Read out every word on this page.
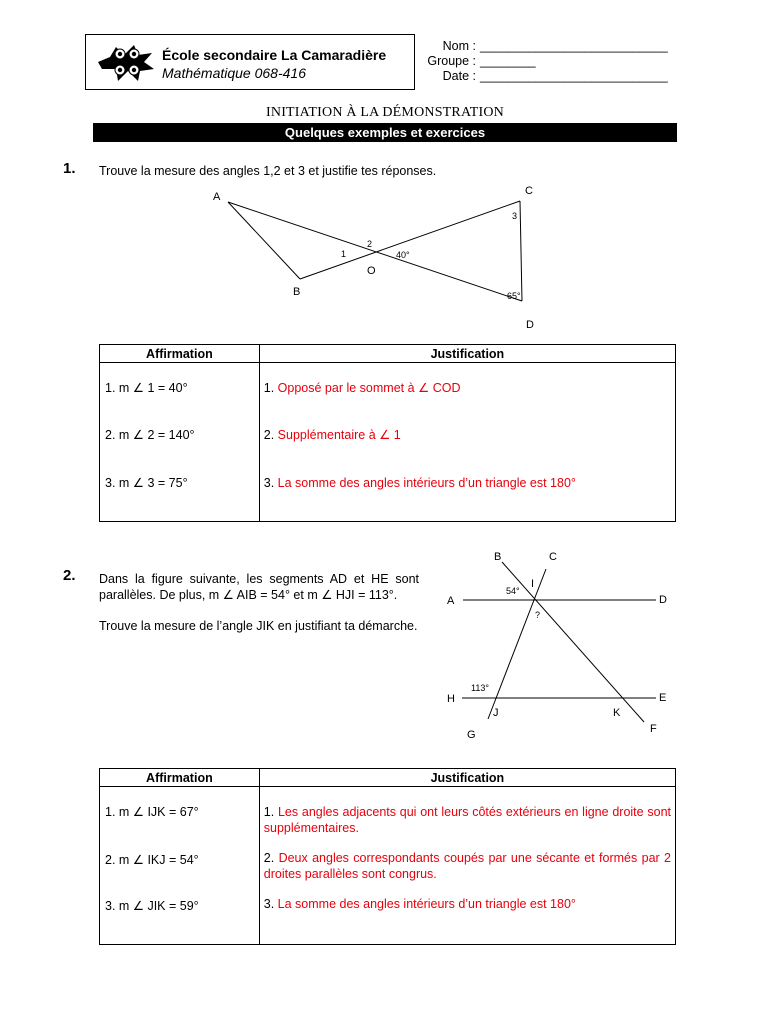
École secondaire La Camaradière
Mathématique 068-416
Nom : ___________________________
Groupe : ________
Date : ___________________________
INITIATION À LA DÉMONSTRATION
Quelques exemples et exercices
1. Trouve la mesure des angles 1,2 et 3 et justifie tes réponses.
A
B
C
D
O
1
2
3
40°
65°
Affirmation	Justification

1. m ∠ 1 = 40°	1. Opposé par le sommet à ∠ COD

2. m ∠ 2 = 140°	2. Supplémentaire à ∠ 1

3. m ∠ 3 = 75°	3. La somme des angles intérieurs d’un triangle est 180°
2. Dans la figure suivante, les segments AD et HE sont parallèles. De plus, m ∠ AIB = 54° et m ∠ HJI = 113°.
Trouve la mesure de l’angle JIK en justifiant ta démarche.
B	C
A	D
I
H	E
J	K
G	F
54°
?
113°
Affirmation	Justification

1. m ∠ IJK = 67°	1. Les angles adjacents qui ont leurs côtés extérieurs en ligne droite sont supplémentaires.

2. m ∠ IKJ = 54°	2. Deux angles correspondants coupés par une sécante et formés par 2 droites parallèles sont congrus.

3. m ∠ JIK = 59°	3. La somme des angles intérieurs d’un triangle est 180°
